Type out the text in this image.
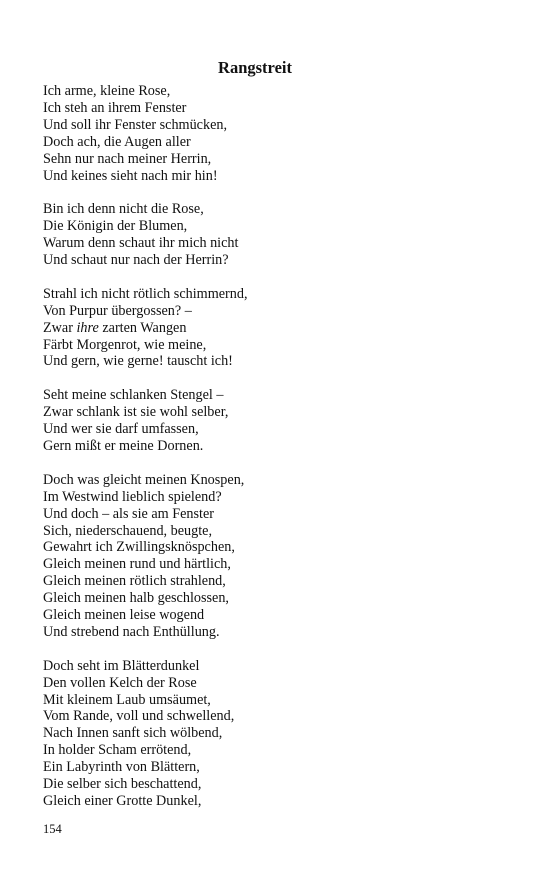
Rangstreit
Ich arme, kleine Rose,
Ich steh an ihrem Fenster
Und soll ihr Fenster schmücken,
Doch ach, die Augen aller
Sehn nur nach meiner Herrin,
Und keines sieht nach mir hin!
Bin ich denn nicht die Rose,
Die Königin der Blumen,
Warum denn schaut ihr mich nicht
Und schaut nur nach der Herrin?
Strahl ich nicht rötlich schimmernd,
Von Purpur übergossen? –
Zwar ihre zarten Wangen
Färbt Morgenrot, wie meine,
Und gern, wie gerne! tauscht ich!
Seht meine schlanken Stengel –
Zwar schlank ist sie wohl selber,
Und wer sie darf umfassen,
Gern mißt er meine Dornen.
Doch was gleicht meinen Knospen,
Im Westwind lieblich spielend?
Und doch – als sie am Fenster
Sich, niederschauend, beugte,
Gewahrt ich Zwillingsknöspchen,
Gleich meinen rund und härtlich,
Gleich meinen rötlich strahlend,
Gleich meinen halb geschlossen,
Gleich meinen leise wogend
Und strebend nach Enthüllung.
Doch seht im Blätterdunkel
Den vollen Kelch der Rose
Mit kleinem Laub umsäumet,
Vom Rande, voll und schwellend,
Nach Innen sanft sich wölbend,
In holder Scham errötend,
Ein Labyrinth von Blättern,
Die selber sich beschattend,
Gleich einer Grotte Dunkel,
154
